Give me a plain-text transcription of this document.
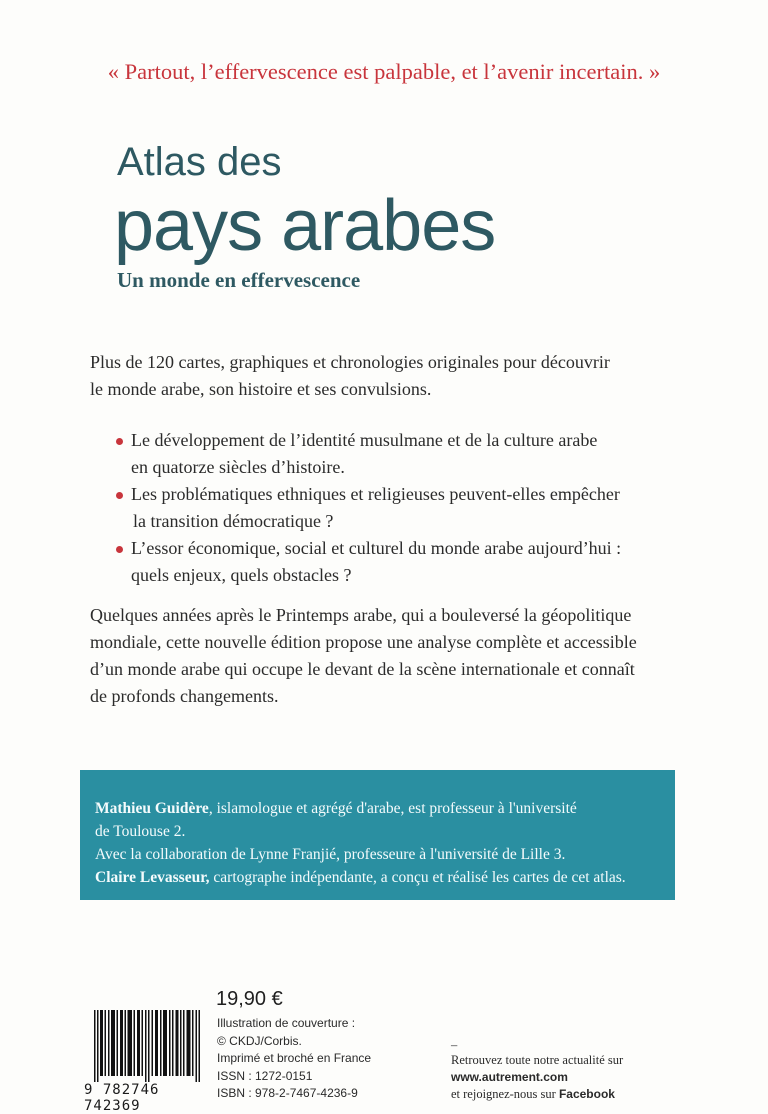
« Partout, l’effervescence est palpable, et l’avenir incertain. »
Atlas des
pays arabes
Un monde en effervescence
Plus de 120 cartes, graphiques et chronologies originales pour découvrir
le monde arabe, son histoire et ses convulsions.
Le développement de l’identité musulmane et de la culture arabe
en quatorze siècles d’histoire.
Les problématiques ethniques et religieuses peuvent-elles empêcher
la transition démocratique ?
L’essor économique, social et culturel du monde arabe aujourd’hui :
quels enjeux, quels obstacles ?
Quelques années après le Printemps arabe, qui a bouleversé la géopolitique
mondiale, cette nouvelle édition propose une analyse complète et accessible
d’un monde arabe qui occupe le devant de la scène internationale et connaît
de profonds changements.
Mathieu Guidère, islamologue et agrégé d'arabe, est professeur à l'université
de Toulouse 2.
Avec la collaboration de Lynne Franjié, professeure à l'université de Lille 3.
Claire Levasseur, cartographe indépendante, a conçu et réalisé les cartes de cet atlas.
9 782746 742369
19,90 €
Illustration de couverture :
© CKDJ/Corbis.
Imprimé et broché en France
ISSN : 1272-0151
ISBN : 978-2-7467-4236-9
–
Retrouvez toute notre actualité sur
www.autrement.com
et rejoignez-nous sur Facebook
